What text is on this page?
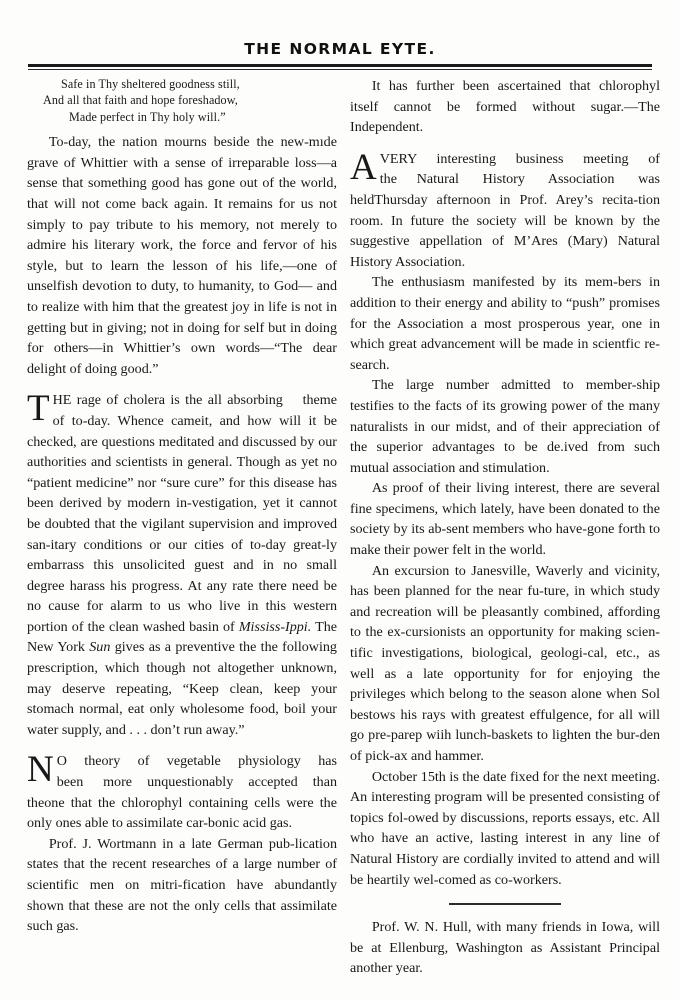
THE NORMAL EYTE.
Safe in Thy sheltered goodness still,
And all that faith and hope foreshadow,
Made perfect in Thy holy will.”

To-day, the nation mourns beside the new-mıde grave of Whittier with a sense of irreparable loss—a sense that something good has gone out of the world, that will not come back again. It remains for us not simply to pay tribute to his memory, not merely to admire his literary work, the force and fervor of his style, but to learn the lesson of his life,—one of unselfish devotion to duty, to humanity, to God— and to realize with him that the greatest joy in life is not in getting but in giving; not in doing for self but in doing for others—in Whittier’s own words—“The dear delight of doing good.”

THE rage of cholera is the all absorbing theme of to-day. Whence cameit, and how will it be checked, are questions meditated and discussed by our authorities and scientists in general. Though as yet no “patient medicine” nor “sure cure” for this disease has been derived by modern in-vestigation, yet it cannot be doubted that the vigilant supervision and improved san-itary conditions or our cities of to-day great-ly embarrass this unsolicited guest and in no small degree harass his progress. At any rate there need be no cause for alarm to us who live in this western portion of the clean washed basin of Mississ-Ippi. The New York Sun gives as a preventive the the following prescription, which though not altogether unknown, may deserve repeating, “Keep clean, keep your stomach normal, eat only wholesome food, boil your water supply, and . . . don’t run away.”

N O theory of vegetable physiology has been more unquestionably accepted than theone that the chlorophyl containing cells were the only ones able to assimilate car-bonic acid gas.

Prof. J. Wortmann in a late German pub-lication states that the recent researches of a large number of scientific men on mitri-fication have abundantly shown that these are not the only cells that assimilate such gas.

It has further been ascertained that chlorophyl itself cannot be formed without sugar.—The Independent.

AVERY interesting business meeting of the Natural History Association was heldThursday afternoon in Prof. Arey’s recita-tion room. In future the society will be known by the suggestive appellation of M’Ares (Mary) Natural History Association.

The enthusiasm manifested by its mem-bers in addition to their energy and ability to “push” promises for the Association a most prosperous year, one in which great advancement will be made in scientfic re-search.

The large number admitted to member-ship testifies to the facts of its growing power of the many naturalists in our midst, and of their appreciation of the superior advantages to be de.ived from such mutual association and stimulation.

As proof of their living interest, there are several fine specimens, which lately, have been donated to the society by its ab-sent members who have-gone forth to make their power felt in the world.

An excursion to Janesville, Waverly and vicinity, has been planned for the near fu-ture, in which study and recreation will be pleasantly combined, affording to the ex-cursionists an opportunity for making scien-tific investigations, biological, geologi-cal, etc., as well as a late opportunity for for enjoying the privileges which belong to the season alone when Sol bestows his rays with greatest effulgence, for all will go pre-parep wiih lunch-baskets to lighten the bur-den of pick-ax and hammer.

October 15th is the date fixed for the next meeting. An interesting program will be presented consisting of topics fol-owed by discussions, reports essays, etc. All who have an active, lasting interest in any line of Natural History are cordially invited to attend and will be heartily wel-comed as co-workers.

Prof. W. N. Hull, with many friends in Iowa, will be at Ellenburg, Washington as Assistant Principal another year.
